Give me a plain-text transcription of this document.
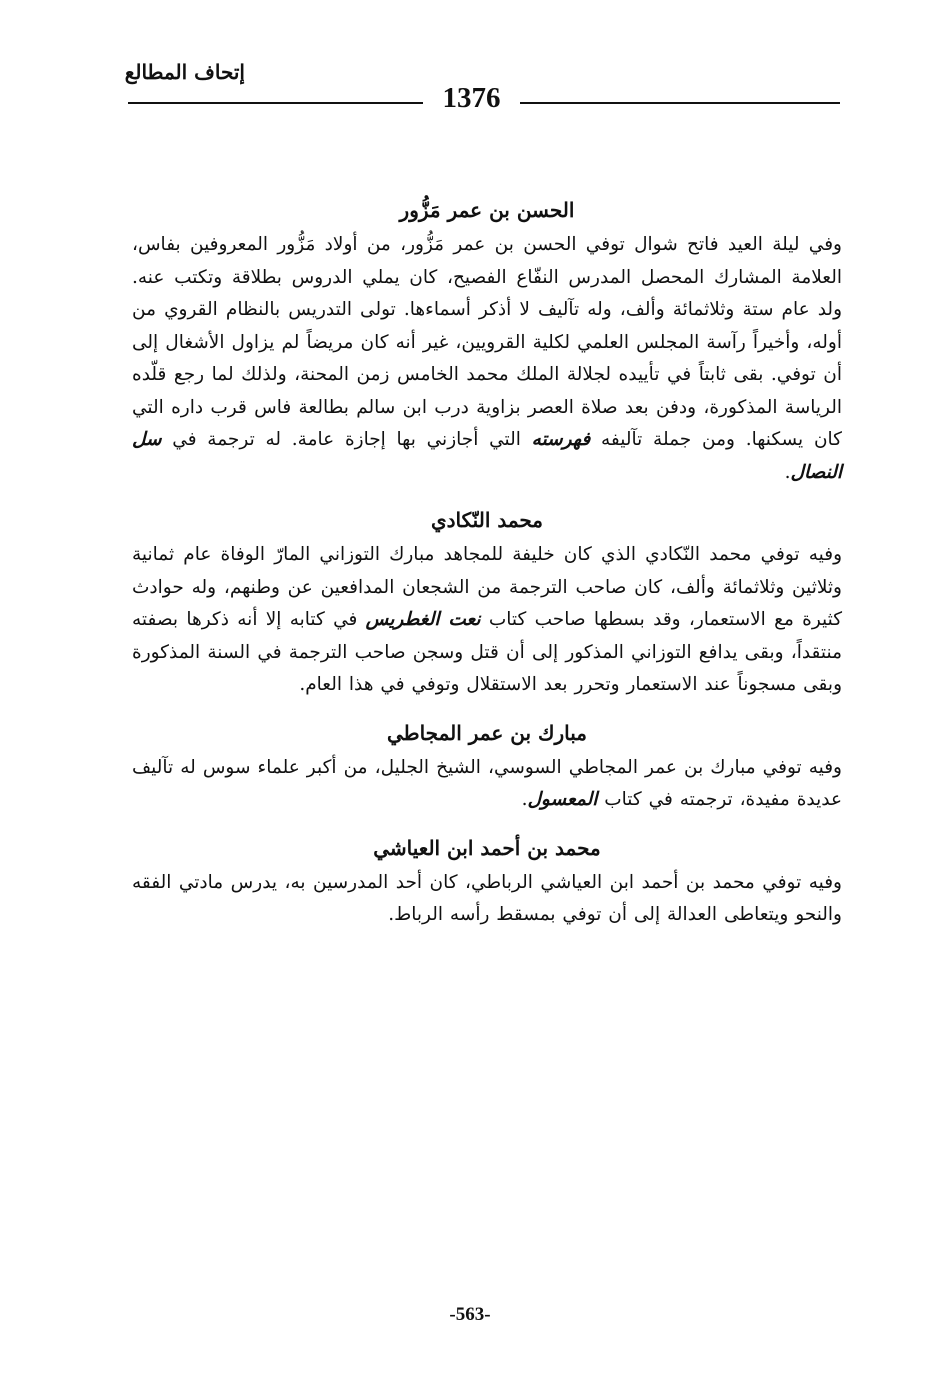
إتحاف المطالع
1376
الحسن بن عمر مَزُّور

وفي ليلة العيد فاتح شوال توفي الحسن بن عمر مَزُّور، من أولاد مَزُّور المعروفين بفاس، العلامة المشارك المحصل المدرس النفّاع الفصيح، كان يملي الدروس بطلاقة وتكتب عنه. ولد عام ستة وثلاثمائة وألف، وله تآليف لا أذكر أسماءها. تولى التدريس بالنظام القروي من أوله، وأخيراً رآسة المجلس العلمي لكلية القرويين، غير أنه كان مريضاً لم يزاول الأشغال إلى أن توفي. بقى ثابتاً في تأييده لجلالة الملك محمد الخامس زمن المحنة، ولذلك لما رجع قلّده الرياسة المذكورة، ودفن بعد صلاة العصر بزاوية درب ابن سالم بطالعة فاس قرب داره التي كان يسكنها. ومن جملة تآليفه فهرسته التي أجازني بها إجازة عامة. له ترجمة في سل النصال.

محمد النّكادي

وفيه توفي محمد النّكادي الذي كان خليفة للمجاهد مبارك التوزاني المارّ الوفاة عام ثمانية وثلاثين وثلاثمائة وألف، كان صاحب الترجمة من الشجعان المدافعين عن وطنهم، وله حوادث كثيرة مع الاستعمار، وقد بسطها صاحب كتاب نعت الغطريس في كتابه إلا أنه ذكرها بصفته منتقداً، وبقى يدافع التوزاني المذكور إلى أن قتل وسجن صاحب الترجمة في السنة المذكورة وبقى مسجوناً عند الاستعمار وتحرر بعد الاستقلال وتوفي في هذا العام.

مبارك بن عمر المجاطي

وفيه توفي مبارك بن عمر المجاطي السوسي، الشيخ الجليل، من أكبر علماء سوس له تآليف عديدة مفيدة، ترجمته في كتاب المعسول.

محمد بن أحمد ابن العياشي

وفيه توفي محمد بن أحمد ابن العياشي الرباطي، كان أحد المدرسين به، يدرس مادتي الفقه والنحو ويتعاطى العدالة إلى أن توفي بمسقط رأسه الرباط.

-563-
